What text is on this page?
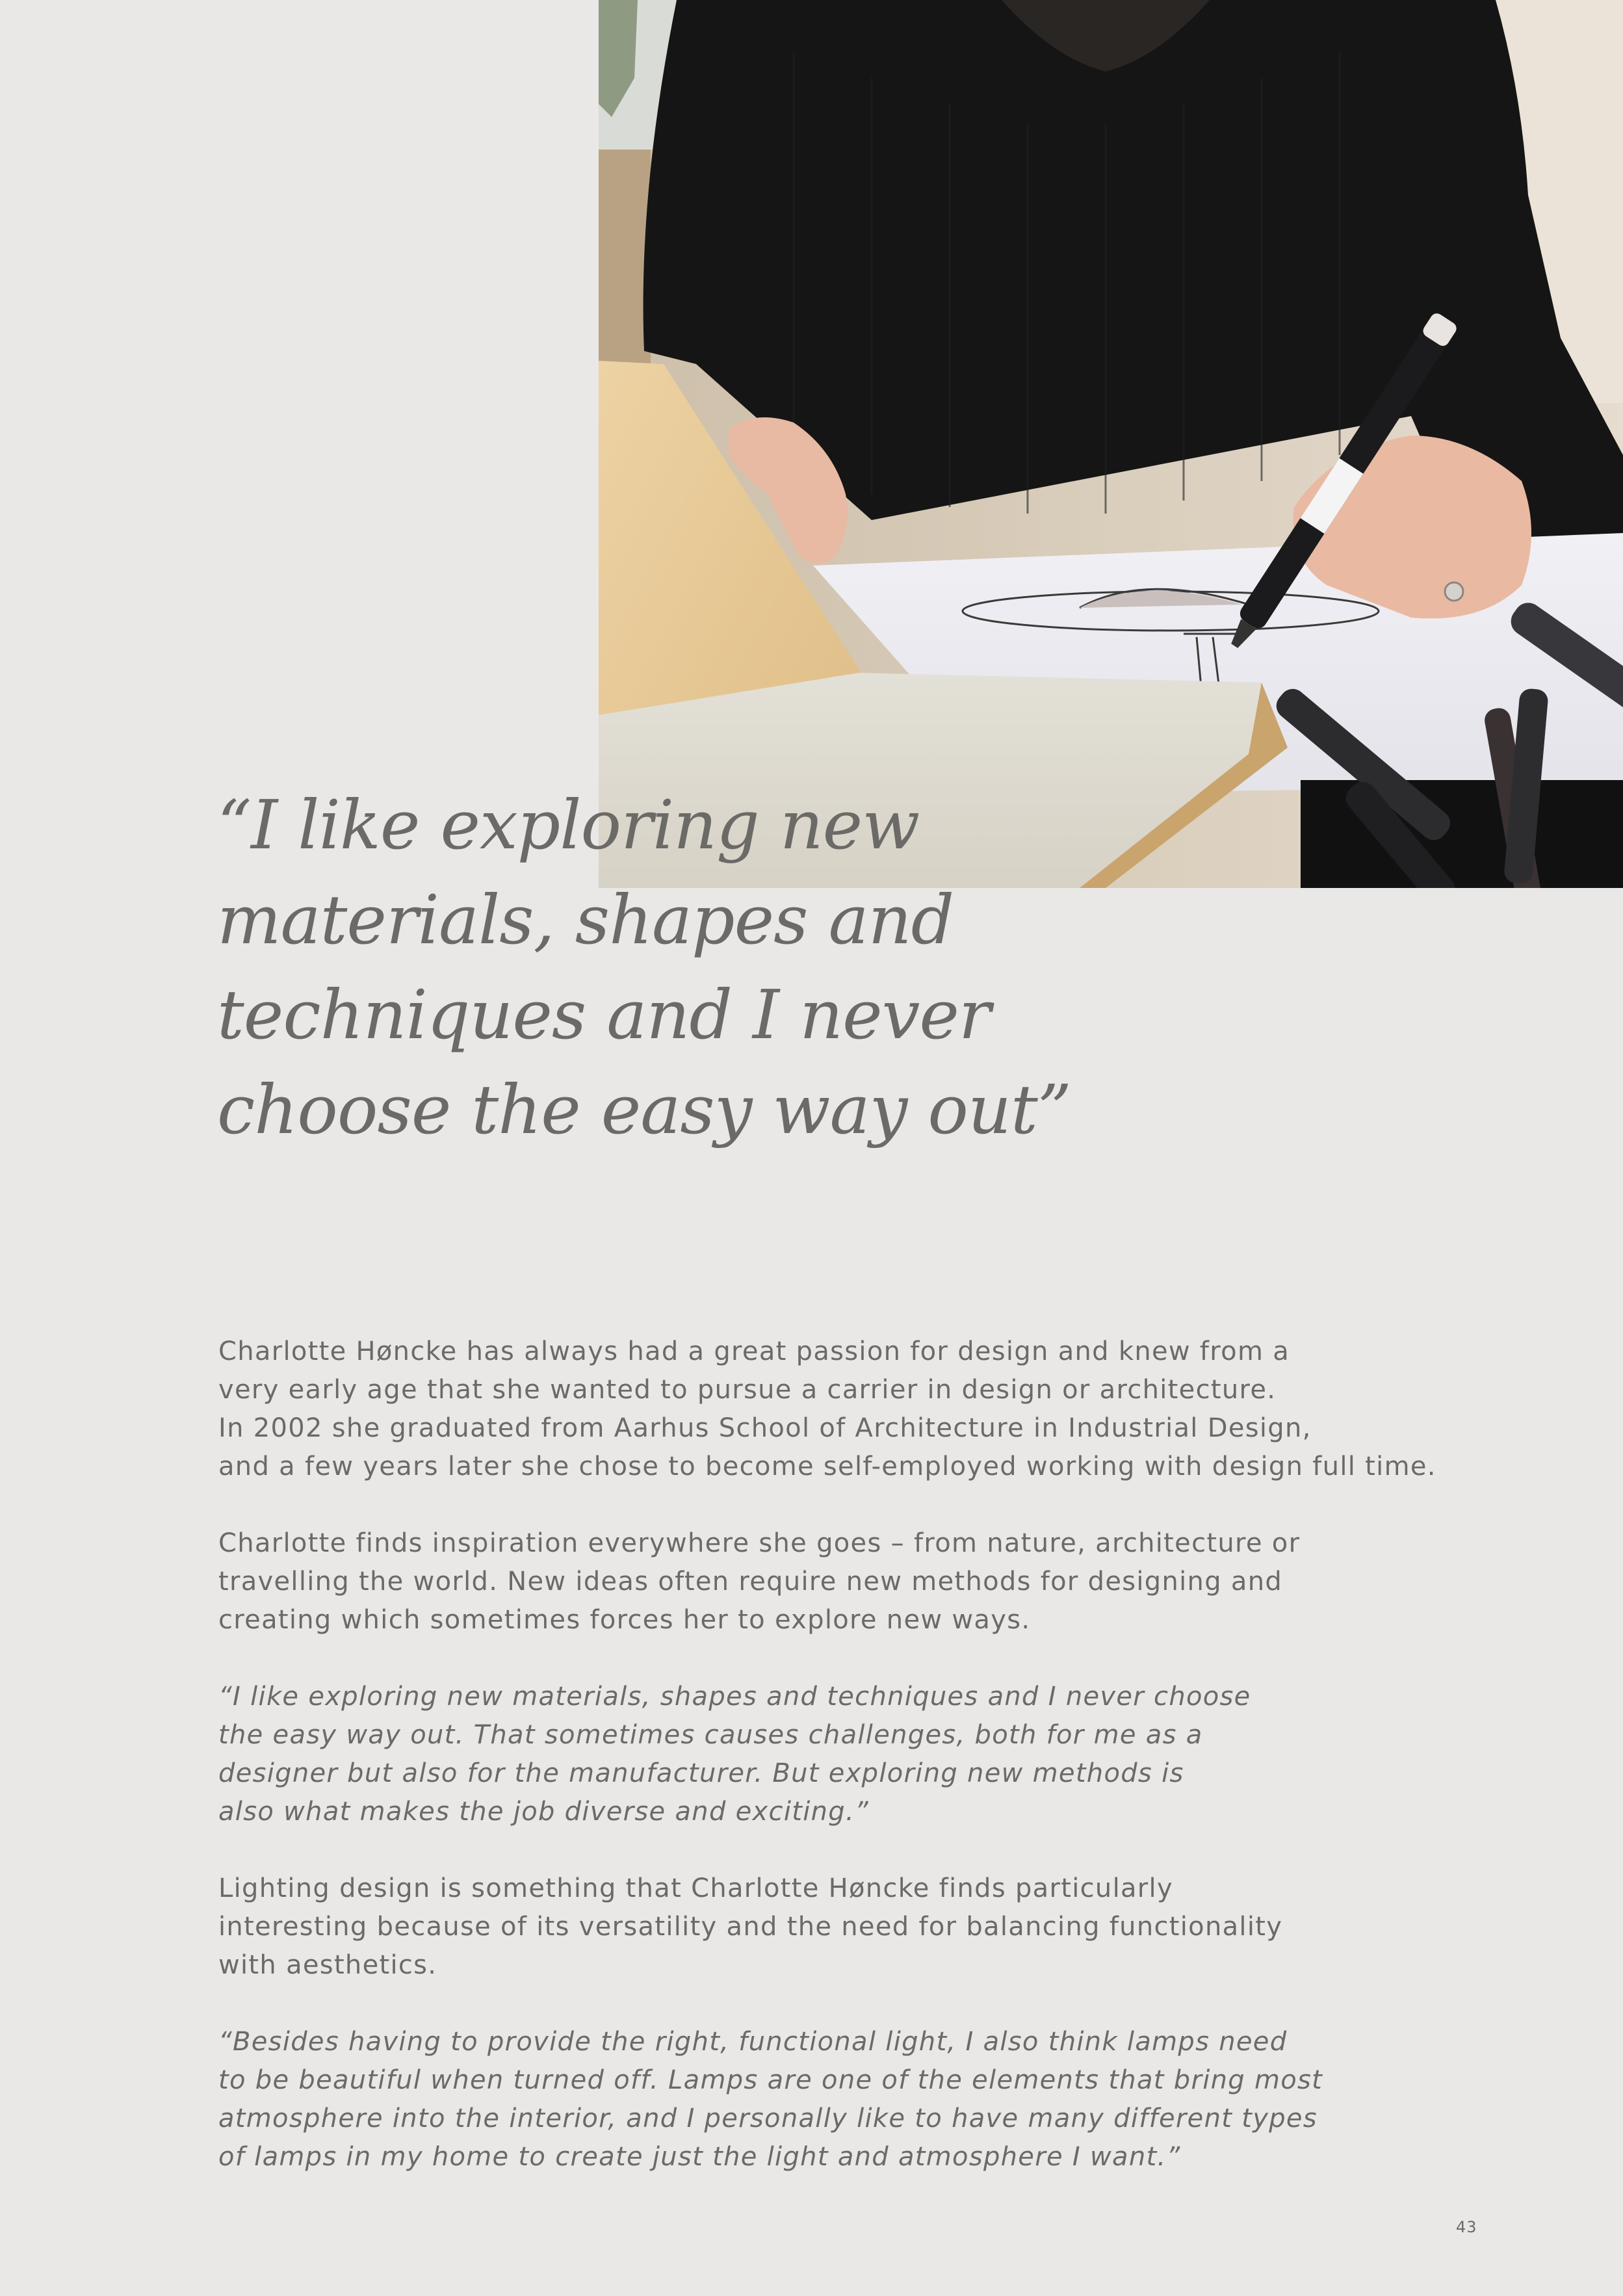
“I like exploring new
materials, shapes and
techniques and I never
choose the easy way out”

Charlotte Høncke has always had a great passion for design and knew from a
very early age that she wanted to pursue a carrier in design or architecture.
In 2002 she graduated from Aarhus School of Architecture in Industrial Design,
and a few years later she chose to become self-employed working with design full time.

Charlotte finds inspiration everywhere she goes – from nature, architecture or
travelling the world. New ideas often require new methods for designing and
creating which sometimes forces her to explore new ways.

“I like exploring new materials, shapes and techniques and I never choose
the easy way out. That sometimes causes challenges, both for me as a
designer but also for the manufacturer. But exploring new methods is
also what makes the job diverse and exciting.”

Lighting design is something that Charlotte Høncke finds particularly
interesting because of its versatility and the need for balancing functionality
with aesthetics.

“Besides having to provide the right, functional light, I also think lamps need
to be beautiful when turned off. Lamps are one of the elements that bring most
atmosphere into the interior, and I personally like to have many different types
of lamps in my home to create just the light and atmosphere I want.”

43
